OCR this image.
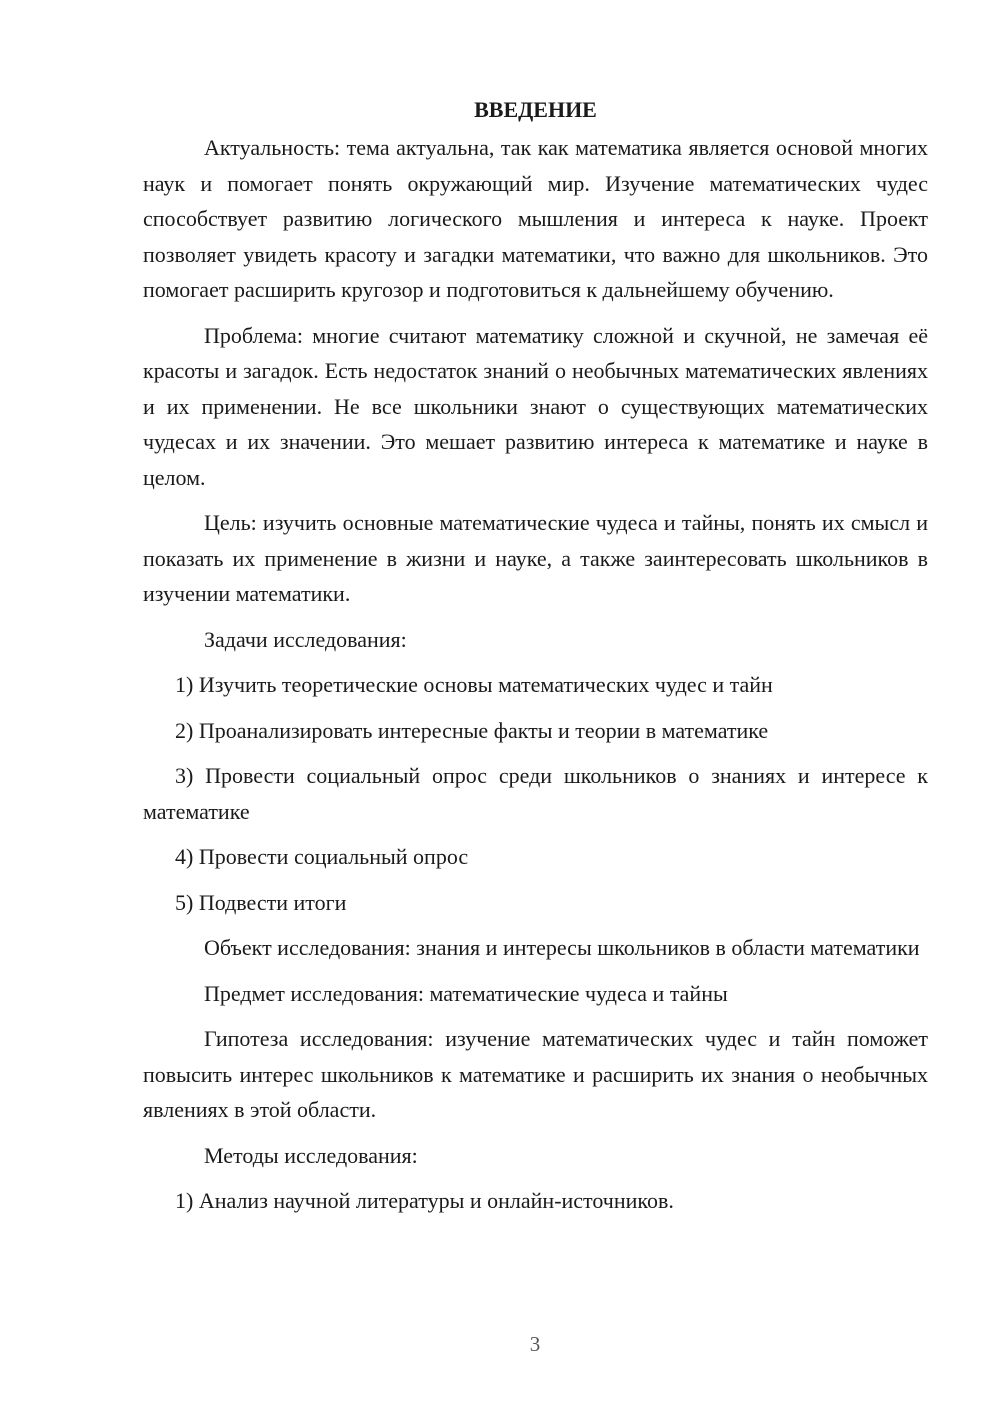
ВВЕДЕНИЕ

Актуальность: тема актуальна, так как математика является основой многих наук и помогает понять окружающий мир. Изучение математических чудес способствует развитию логического мышления и интереса к науке. Проект позволяет увидеть красоту и загадки математики, что важно для школьников. Это помогает расширить кругозор и подготовиться к дальнейшему обучению.

Проблема: многие считают математику сложной и скучной, не замечая её красоты и загадок. Есть недостаток знаний о необычных математических явлениях и их применении. Не все школьники знают о существующих математических чудесах и их значении. Это мешает развитию интереса к математике и науке в целом.

Цель: изучить основные математические чудеса и тайны, понять их смысл и показать их применение в жизни и науке, а также заинтересовать школьников в изучении математики.

Задачи исследования:

1) Изучить теоретические основы математических чудес и тайн

2) Проанализировать интересные факты и теории в математике

3) Провести социальный опрос среди школьников о знаниях и интересе к математике

4) Провести социальный опрос

5) Подвести итоги

Объект исследования: знания и интересы школьников в области математики

Предмет исследования: математические чудеса и тайны

Гипотеза исследования: изучение математических чудес и тайн поможет повысить интерес школьников к математике и расширить их знания о необычных явлениях в этой области.

Методы исследования:

1) Анализ научной литературы и онлайн-источников.

3
